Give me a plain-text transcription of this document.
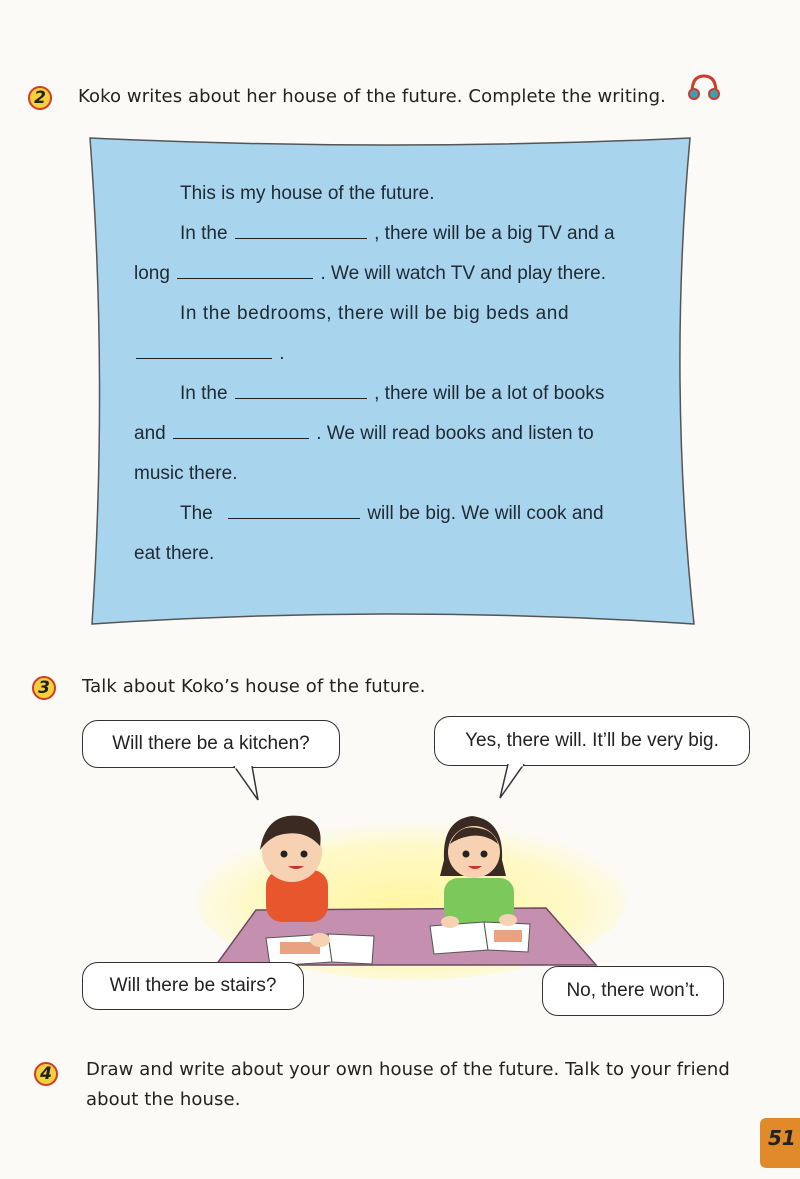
2	Koko writes about her house of the future. Complete the writing.
This is my house of the future.
In the	, there will be a big TV and a
long	. We will watch TV and play there.
In the bedrooms, there will be big beds and
.
In the	, there will be a lot of books
and	. We will read books and listen to
music there.
The	will be big. We will cook and
eat there.
3	Talk about Koko’s house of the future.
Will there be a kitchen?	Yes, there will. It’ll be very big.
Will there be stairs?	No, there won’t.
4	Draw and write about your own house of the future. Talk to your friend
about the house.
51
